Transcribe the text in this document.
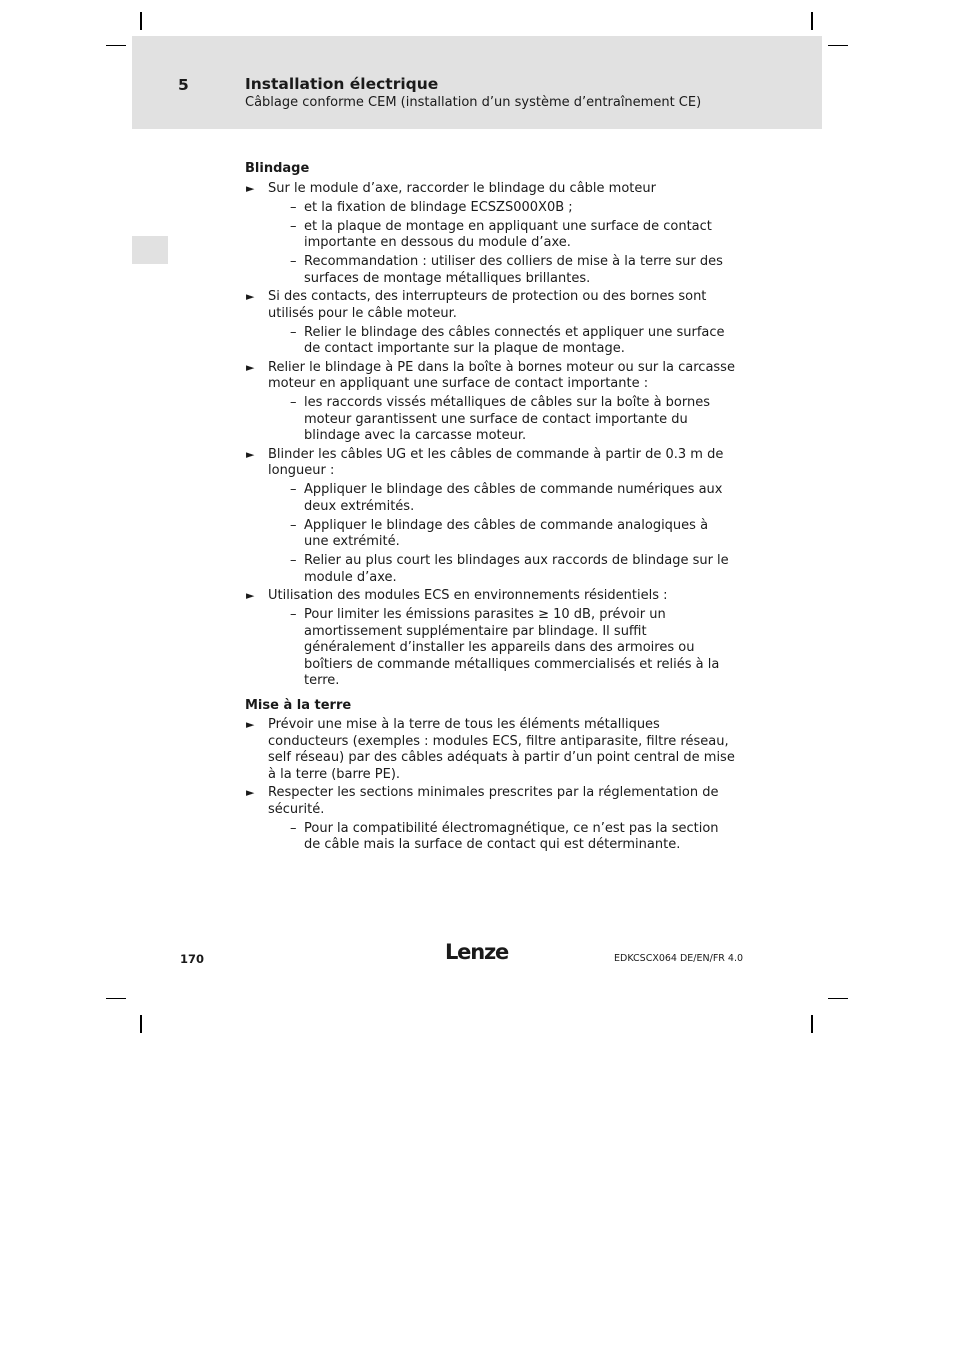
5	Installation électrique
Câblage conforme CEM (installation d’un système d’entraînement CE)
Blindage
► Sur le module d’axe, raccorder le blindage du câble moteur
– et la fixation de blindage ECSZS000X0B ;
– et la plaque de montage en appliquant une surface de contact importante en dessous du module d’axe.
– Recommandation : utiliser des colliers de mise à la terre sur des surfaces de montage métalliques brillantes.
► Si des contacts, des interrupteurs de protection ou des bornes sont utilisés pour le câble moteur.
– Relier le blindage des câbles connectés et appliquer une surface de contact importante sur la plaque de montage.
► Relier le blindage à PE dans la boîte à bornes moteur ou sur la carcasse moteur en appliquant une surface de contact importante :
– les raccords vissés métalliques de câbles sur la boîte à bornes moteur garantissent une surface de contact importante du blindage avec la carcasse moteur.
► Blinder les câbles UG et les câbles de commande à partir de 0.3 m de longueur :
– Appliquer le blindage des câbles de commande numériques aux deux extrémités.
– Appliquer le blindage des câbles de commande analogiques à une extrémité.
– Relier au plus court les blindages aux raccords de blindage sur le module d’axe.
► Utilisation des modules ECS en environnements résidentiels :
– Pour limiter les émissions parasites ≥ 10 dB, prévoir un amortissement supplémentaire par blindage. Il suffit généralement d’installer les appareils dans des armoires ou boîtiers de commande métalliques commercialisés et reliés à la terre.
Mise à la terre
► Prévoir une mise à la terre de tous les éléments métalliques conducteurs (exemples : modules ECS, filtre antiparasite, filtre réseau, self réseau) par des câbles adéquats à partir d’un point central de mise à la terre (barre PE).
► Respecter les sections minimales prescrites par la réglementation de sécurité.
– Pour la compatibilité électromagnétique, ce n’est pas la section de câble mais la surface de contact qui est déterminante.
170	Lenze	EDKCSCX064 DE/EN/FR 4.0
